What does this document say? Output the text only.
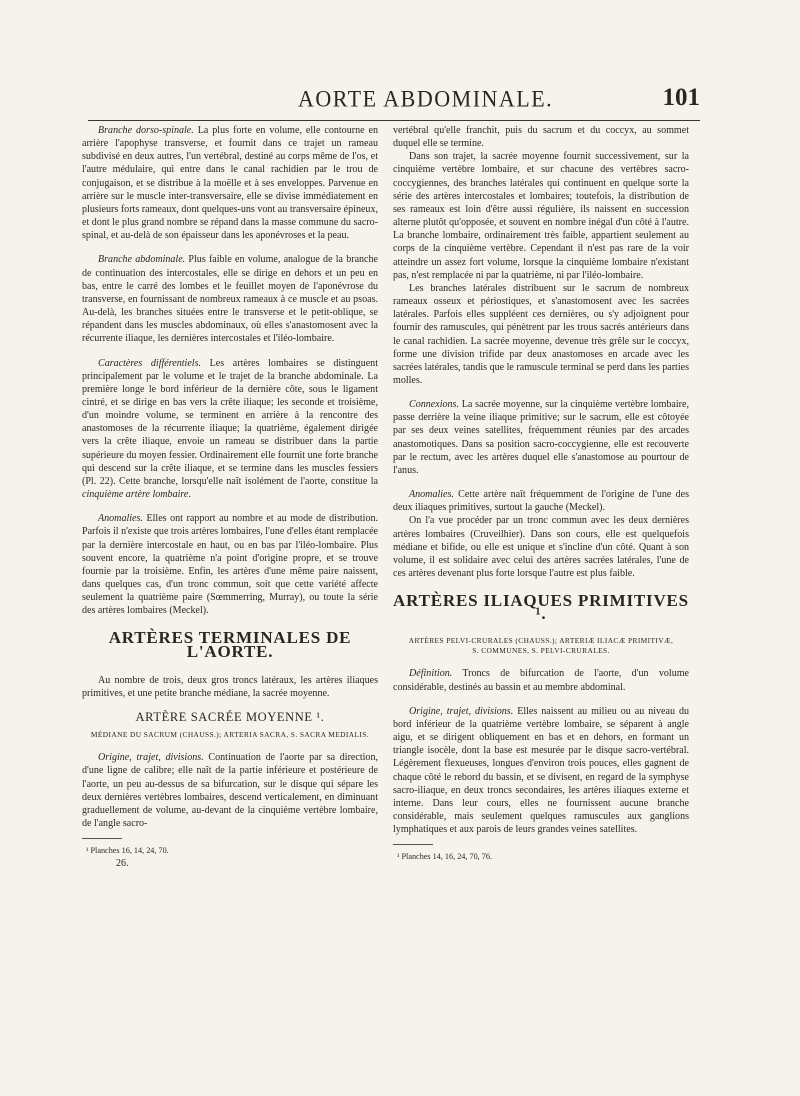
AORTE ABDOMINALE.	101

Branche dorso-spinale. La plus forte en volume, elle contourne en arrière l'apophyse transverse, et fournit dans ce trajet un rameau subdivisé en deux autres, l'un vertébral, destiné au corps même de l'os, et l'autre médulaire, qui entre dans le canal rachidien par le trou de conjugaison, et se distribue à la moëlle et à ses enveloppes. Parvenue en arrière sur le muscle inter-transversaire, elle se divise immédiatement en plusieurs forts rameaux, dont quelques-uns vont au transversaire épineux, et dont le plus grand nombre se répand dans la masse commune du sacro-spinal, et au-delà de son épaisseur dans les aponévroses et la peau.

Branche abdominale. Plus faible en volume, analogue de la branche de continuation des intercostales, elle se dirige en dehors et un peu en bas, entre le carré des lombes et le feuillet moyen de l'aponévrose du transverse, en fournissant de nombreux rameaux à ce muscle et au psoas. Au-delà, les branches situées entre le transverse et le petit-oblique, se répandent dans les muscles abdominaux, où elles s'anastomosent avec la récurrente iliaque, les dernières intercostales et l'iléo-lombaire.

Caractères différentiels. Les artères lombaires se distinguent principalement par le volume et le trajet de la branche abdominale. La première longe le bord inférieur de la dernière côte, sous le ligament cintré, et se dirige en bas vers la crête iliaque; les seconde et troisième, d'un moindre volume, se terminent en arrière à la rencontre des anastomoses de la récurrente iliaque; la quatrième, également dirigée vers la crête iliaque, envoie un rameau se distribuer dans la partie supérieure du moyen fessier. Ordinairement elle fournit une forte branche qui descend sur la crête iliaque, et se termine dans les muscles fessiers (Pl. 22). Cette branche, lorsqu'elle naît isolément de l'aorte, constitue la cinquième artère lombaire.

Anomalies. Elles ont rapport au nombre et au mode de distribution. Parfois il n'existe que trois artères lombaires, l'une d'elles étant remplacée par la dernière intercostale en haut, ou en bas par l'iléo-lombaire. Plus souvent encore, la quatrième n'a point d'origine propre, et se trouve fournie par la troisième. Enfin, les artères d'une même paire naissent, dans quelques cas, d'un tronc commun, soit que cette variété affecte seulement la quatrième paire (Sœmmerring, Murray), ou toute la série des artères lombaires (Meckel).

ARTÈRES TERMINALES DE L'AORTE.

Au nombre de trois, deux gros troncs latéraux, les artères iliaques primitives, et une petite branche médiane, la sacrée moyenne.

ARTÈRE SACRÉE MOYENNE ¹.
MÉDIANE DU SACRUM (CHAUSS.); ARTERIA SACRA, S. SACRA MEDIALIS.

Origine, trajet, divisions. Continuation de l'aorte par sa direction, d'une ligne de calibre; elle naît de la partie inférieure et postérieure de l'aorte, un peu au-dessus de sa bifurcation, sur le disque qui sépare les deux dernières vertèbres lombaires, descend verticalement, en diminuant graduellement de volume, au-devant de la cinquième vertèbre lombaire, de l'angle sacro-

¹ Planches 16, 14, 24, 70.
26.

vertébral qu'elle franchit, puis du sacrum et du coccyx, au sommet duquel elle se termine.

Dans son trajet, la sacrée moyenne fournit successivement, sur la cinquième vertèbre lombaire, et sur chacune des vertèbres sacro-coccygiennes, des branches latérales qui continuent en quelque sorte la série des artères intercostales et lombaires; toutefois, la distribution de ses rameaux est loin d'être aussi régulière, ils naissent en succession alterne plutôt qu'opposée, et souvent en nombre inégal d'un côté à l'autre. La branche lombaire, ordinairement très faible, appartient seulement au corps de la cinquième vertèbre. Cependant il n'est pas rare de la voir atteindre un assez fort volume, lorsque la cinquième lombaire n'existant pas, n'est remplacée ni par la quatrième, ni par l'iléo-lombaire.

Les branches latérales distribuent sur le sacrum de nombreux rameaux osseux et périostiques, et s'anastomosent avec les sacrées latérales. Parfois elles suppléent ces dernières, ou s'y adjoignent pour fournir des ramuscules, qui pénètrent par les trous sacrés antérieurs dans le canal rachidien. La sacrée moyenne, devenue très grêle sur le coccyx, forme une division trifide par deux anastomoses en arcade avec les sacrées latérales, tandis que le ramuscule terminal se perd dans les parties molles.

Connexions. La sacrée moyenne, sur la cinquième vertèbre lombaire, passe derrière la veine iliaque primitive; sur le sacrum, elle est côtoyée par ses deux veines satellites, fréquemment réunies par des arcades anastomotiques. Dans sa position sacro-coccygienne, elle est recouverte par le rectum, avec les artères duquel elle s'anastomose au pourtour de l'anus.

Anomalies. Cette artère naît fréquemment de l'origine de l'une des deux iliaques primitives, surtout la gauche (Meckel).

On l'a vue procéder par un tronc commun avec les deux dernières artères lombaires (Cruveilhier). Dans son cours, elle est quelquefois médiane et bifide, ou elle est unique et s'incline d'un côté. Quant à son volume, il est solidaire avec celui des artères sacrées latérales, l'une de ces artères devenant plus forte lorsque l'autre est plus faible.

ARTÈRES ILIAQUES PRIMITIVES ¹.
ARTÈRES PELVI-CRURALES (CHAUSS.); ARTERIÆ ILIACÆ PRIMITIVÆ,
S. COMMUNES, S. PELVI-CRURALES.

Définition. Troncs de bifurcation de l'aorte, d'un volume considérable, destinés au bassin et au membre abdominal.

Origine, trajet, divisions. Elles naissent au milieu ou au niveau du bord inférieur de la quatrième vertèbre lombaire, se séparent à angle aigu, et se dirigent obliquement en bas et en dehors, en formant un triangle isocèle, dont la base est mesurée par le disque sacro-vertébral. Légèrement flexueuses, longues d'environ trois pouces, elles gagnent de chaque côté le rebord du bassin, et se divisent, en regard de la symphyse sacro-iliaque, en deux troncs secondaires, les artères iliaques externe et interne. Dans leur cours, elles ne fournissent aucune branche considérable, mais seulement quelques ramuscules aux ganglions lymphatiques et aux parois de leurs grandes veines satellites.

¹ Planches 14, 16, 24, 70, 76.
